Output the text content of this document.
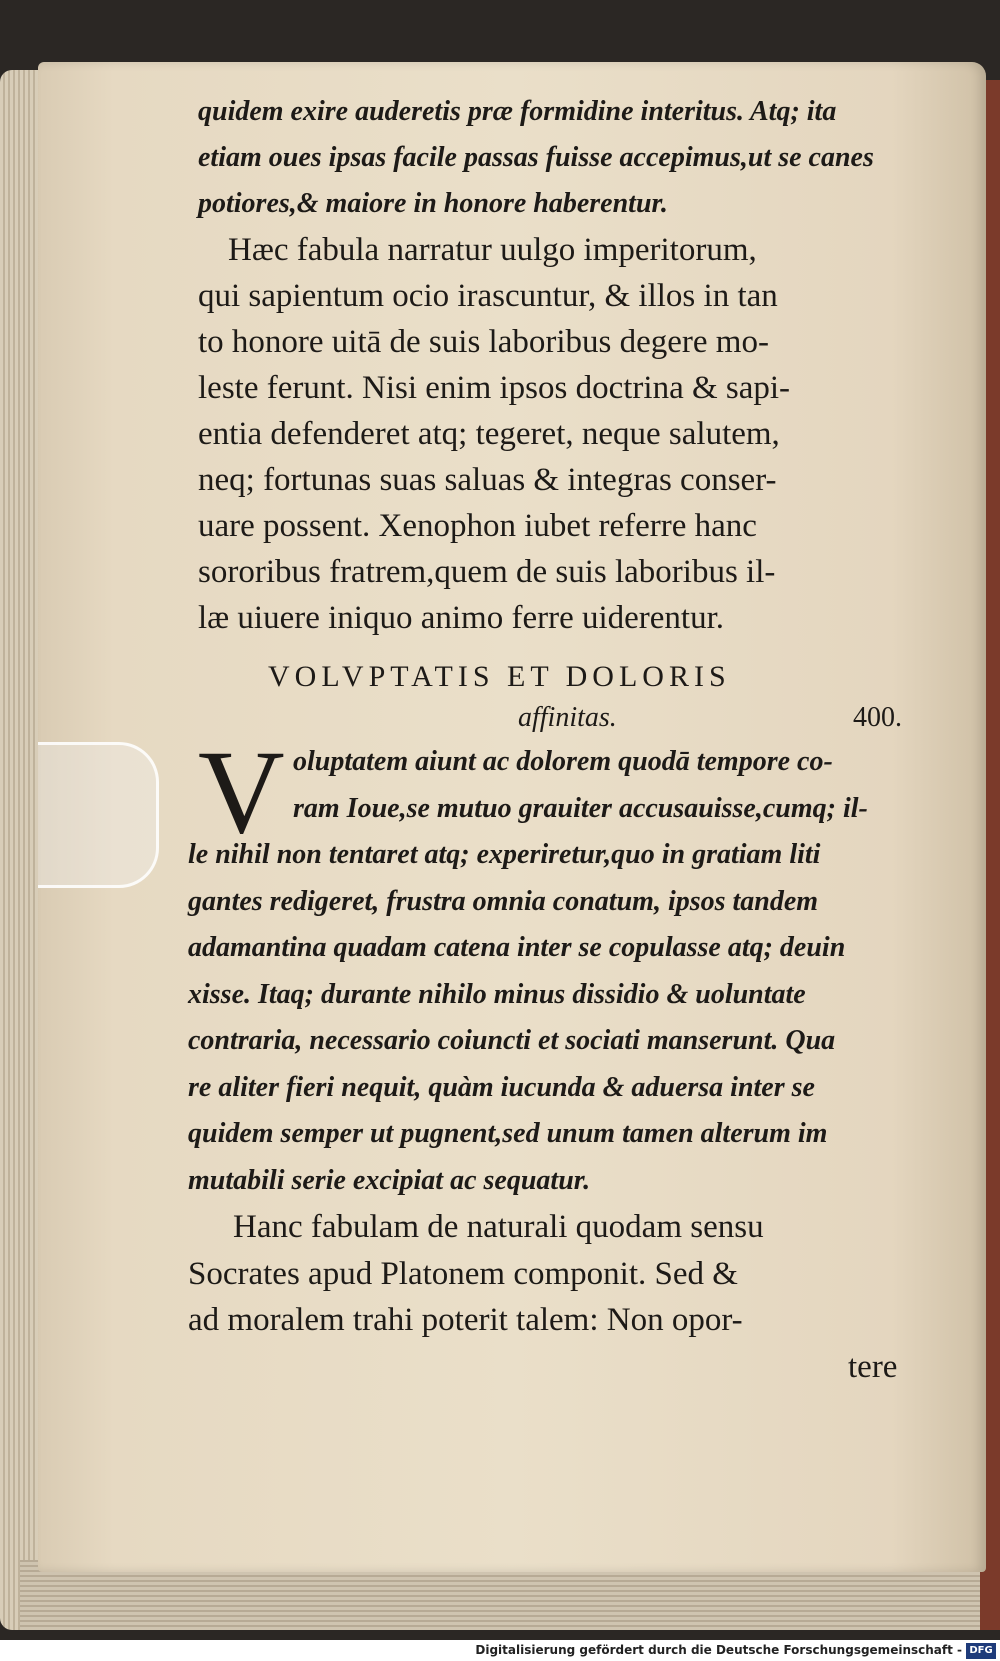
quidem exire auderetis præ formidine interitus. Atq; ita
etiam oues ipsas facile passas fuisse accepimus,ut se canes
potiores,& maiore in honore haberentur.
Hæc fabula narratur uulgo imperitorum,
qui sapientum ocio irascuntur, & illos in tan
to honore uitā de suis laboribus degere mo-
leste ferunt. Nisi enim ipsos doctrina & sapi-
entia defenderet atq; tegeret, neque salutem,
neq; fortunas suas saluas & integras conser-
uare possent. Xenophon iubet referre hanc
sororibus fratrem,quem de suis laboribus il-
læ uiuere iniquo animo ferre uiderentur.
VOLVPTATIS ET DOLORIS
affinitas.	400.
V oluptatem aiunt ac dolorem quodā tempore co-
ram Ioue,se mutuo grauiter accusauisse,cumq; il-
le nihil non tentaret atq; experiretur,quo in gratiam liti
gantes redigeret, frustra omnia conatum, ipsos tandem
adamantina quadam catena inter se copulasse atq; deuin
xisse. Itaq; durante nihilo minus dissidio & uoluntate
contraria, necessario coiuncti et sociati manserunt. Qua
re aliter fieri nequit, quàm iucunda & aduersa inter se
quidem semper ut pugnent,sed unum tamen alterum im
mutabili serie excipiat ac sequatur.
Hanc fabulam de naturali quodam sensu
Socrates apud Platonem componit. Sed &
ad moralem trahi poterit talem: Non opor-
tere
Digitalisierung gefördert durch die Deutsche Forschungsgemeinschaft - DFG
